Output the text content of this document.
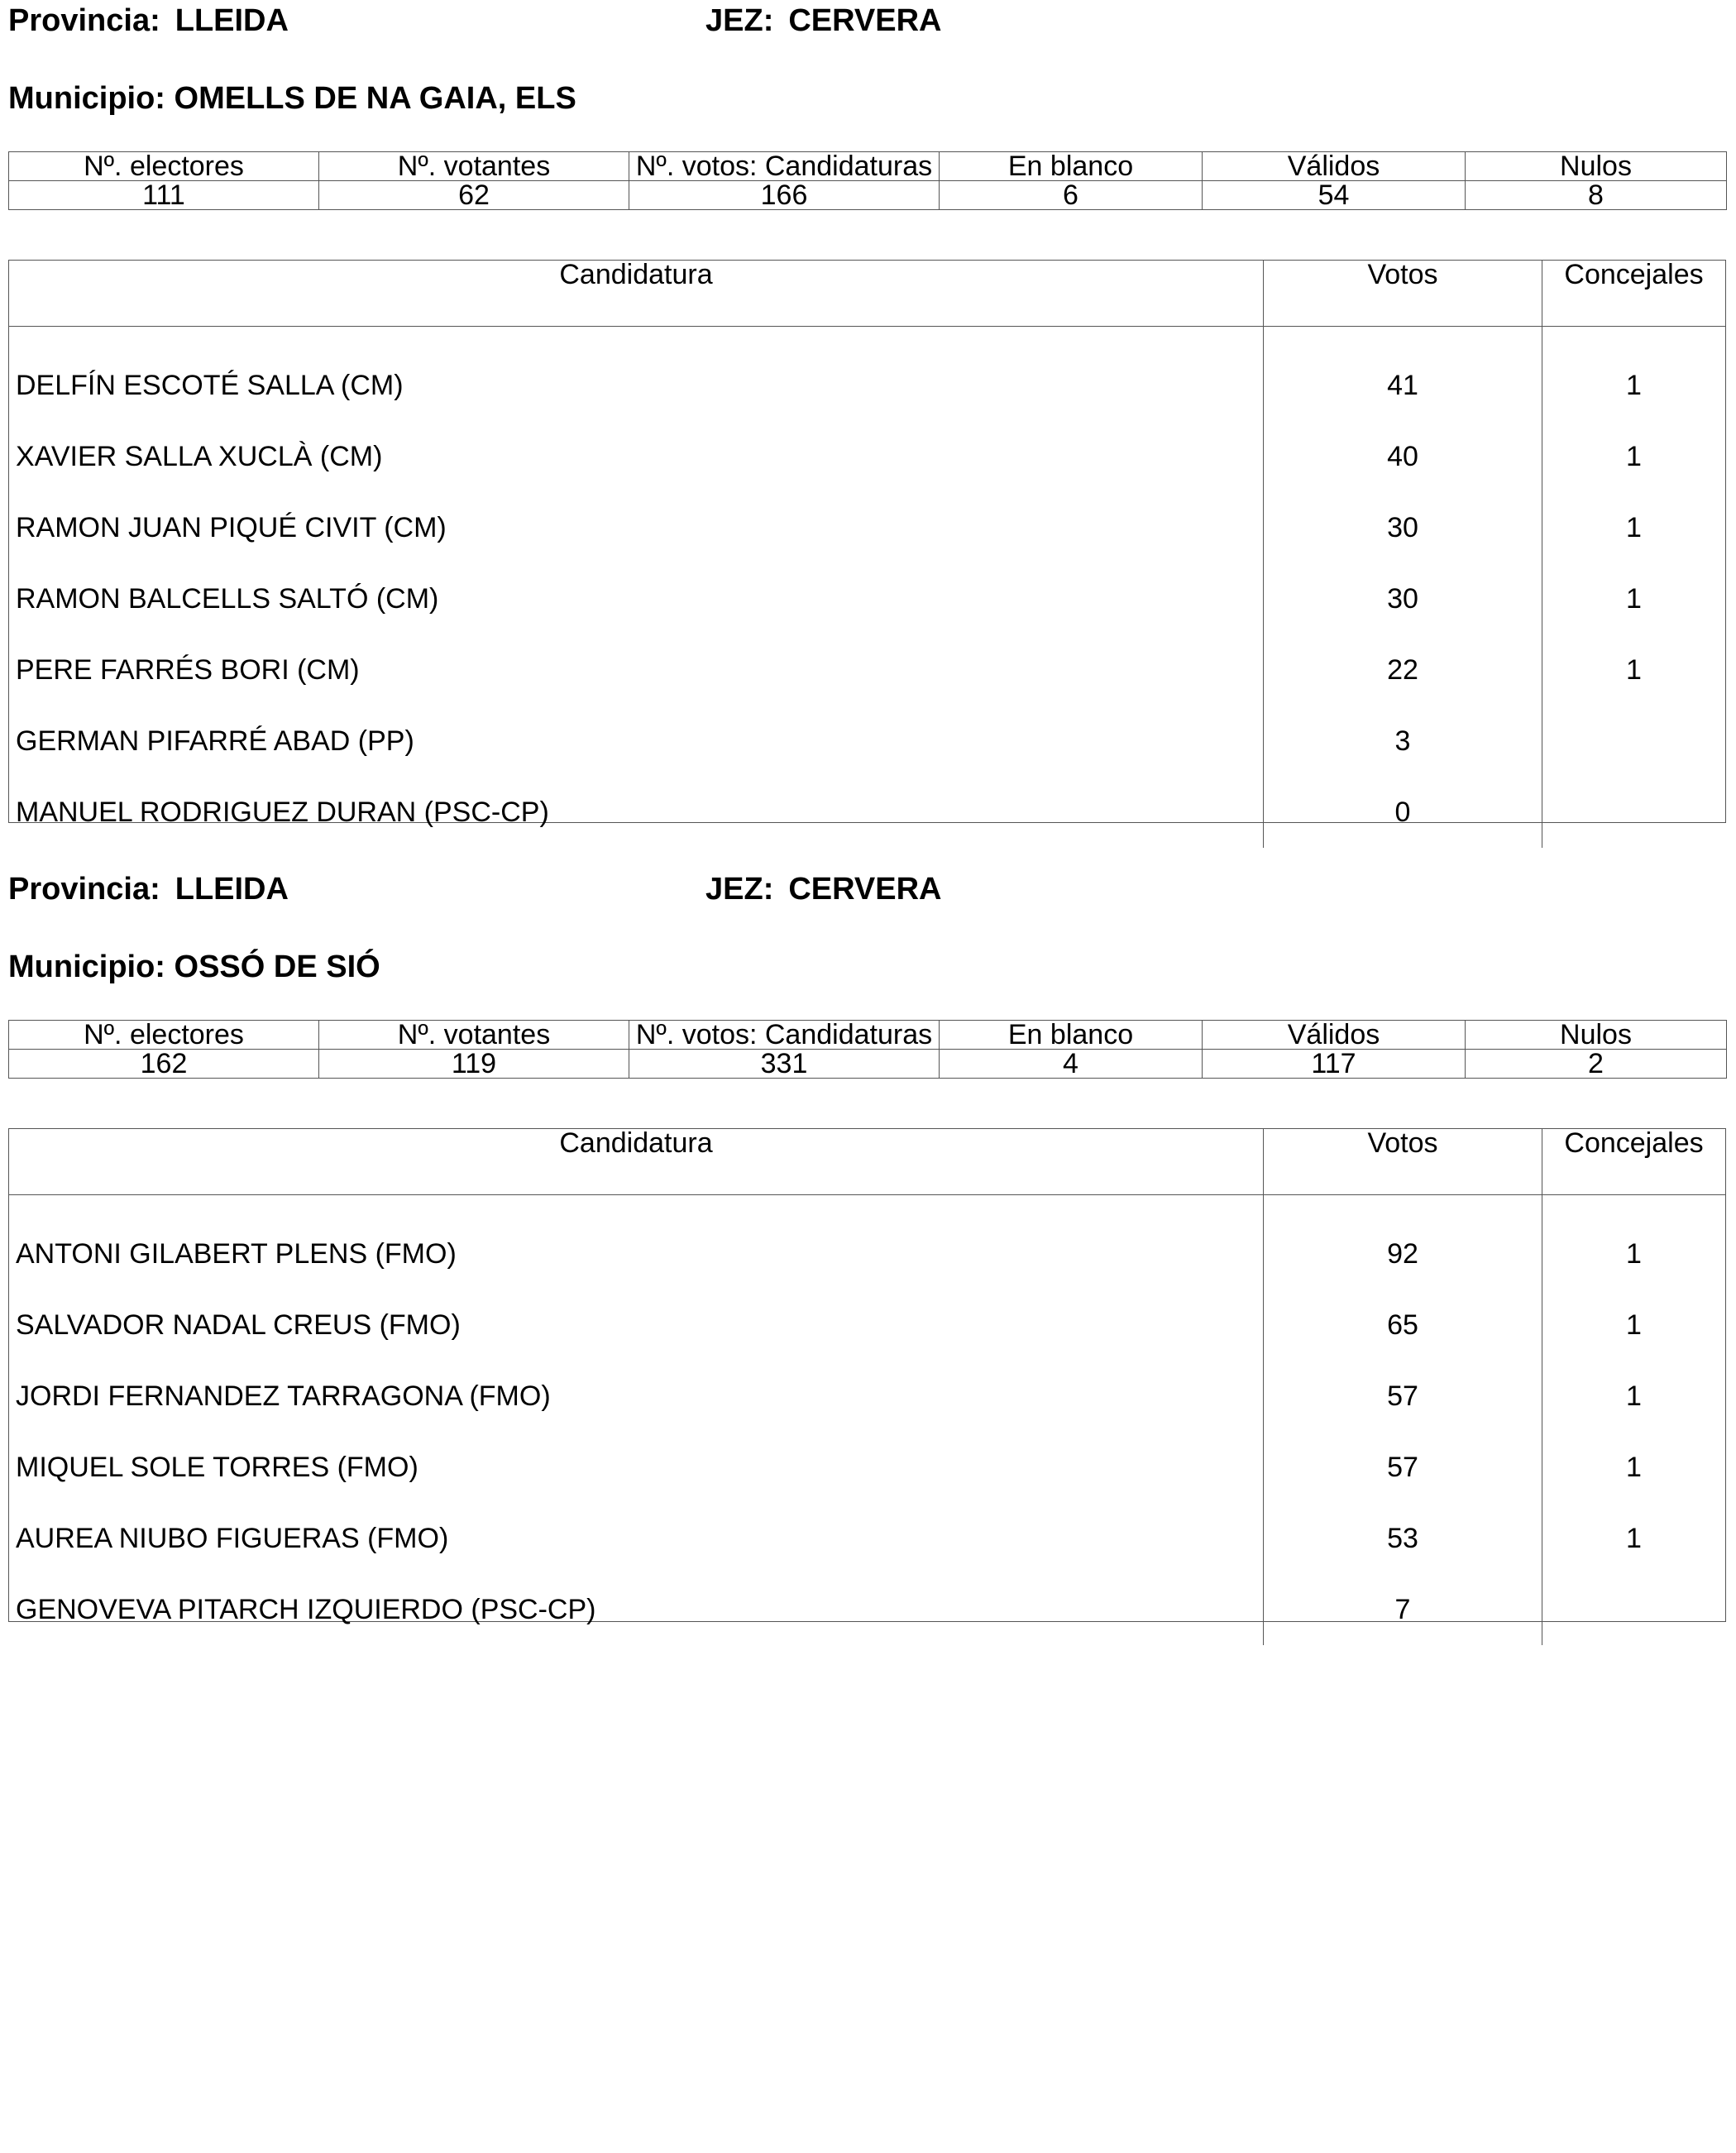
Provincia: LLEIDA	JEZ: CERVERA
Municipio: OMELLS DE NA GAIA, ELS
Nº. electores	Nº. votantes	Nº. votos: Candidaturas	En blanco	Válidos	Nulos
111	62	166	6	54	8
Candidatura	Votos	Concejales
DELFÍN ESCOTÉ SALLA (CM)	41	1
XAVIER SALLA XUCLÀ (CM)	40	1
RAMON JUAN PIQUÉ CIVIT (CM)	30	1
RAMON BALCELLS SALTÓ (CM)	30	1
PERE FARRÉS BORI (CM)	22	1
GERMAN PIFARRÉ ABAD (PP)	3
MANUEL RODRIGUEZ DURAN (PSC-CP)	0
Provincia: LLEIDA	JEZ: CERVERA
Municipio: OSSÓ DE SIÓ
Nº. electores	Nº. votantes	Nº. votos: Candidaturas	En blanco	Válidos	Nulos
162	119	331	4	117	2
Candidatura	Votos	Concejales
ANTONI GILABERT PLENS (FMO)	92	1
SALVADOR NADAL CREUS (FMO)	65	1
JORDI FERNANDEZ TARRAGONA (FMO)	57	1
MIQUEL SOLE TORRES (FMO)	57	1
AUREA NIUBO FIGUERAS (FMO)	53	1
GENOVEVA PITARCH IZQUIERDO (PSC-CP)	7
